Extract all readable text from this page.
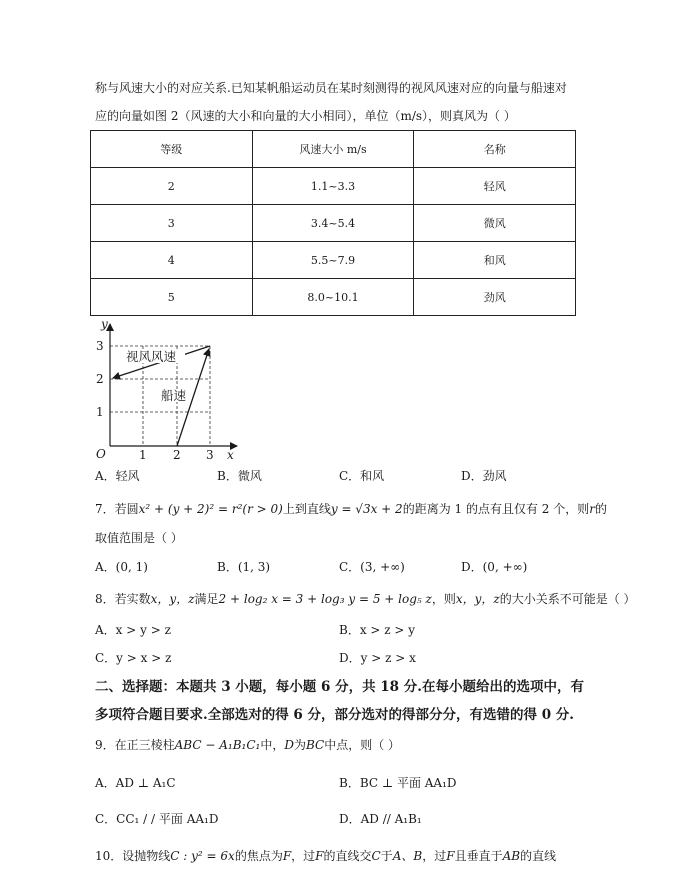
称与风速大小的对应关系.已知某帆船运动员在某时刻测得的视风风速对应的向量与船速对
应的向量如图 2（风速的大小和向量的大小相同），单位（m/s），则真风为（ ）
等级	风速大小 m/s	名称
2	1.1~3.3	轻风
3	3.4~5.4	微风
4	5.5~7.9	和风
5	8.0~10.1	劲风
视风风速
船速
y
x
O	1 2 3
1
2
3
A．轻风	B．微风	C．和风	D．劲风
7．若圆x² + (y + 2)² = r²(r > 0)上到直线y = √3x + 2的距离为 1 的点有且仅有 2 个，则r的
取值范围是（ ）
A．(0, 1)	B．(1, 3)	C．(3, +∞)	D．(0, +∞)
8．若实数x，y，z满足2 + log₂ x = 3 + log₃ y = 5 + log₅ z，则x，y，z的大小关系不可能是（ ）
A．x > y > z	B．x > z > y
C．y > x > z	D．y > z > x
二、选择题：本题共 3 小题，每小题 6 分，共 18 分.在每小题给出的选项中，有
多项符合题目要求.全部选对的得 6 分，部分选对的得部分分，有选错的得 0 分.
9．在正三棱柱ABC − A₁B₁C₁中，D为BC中点，则（ ）
A．AD ⊥ A₁C	B．BC ⊥ 平面 AA₁D
C．CC₁ / / 平面 AA₁D	D．AD // A₁B₁
10．设抛物线C : y² = 6x的焦点为F，过F的直线交C于A、B，过F且垂直于AB的直线
